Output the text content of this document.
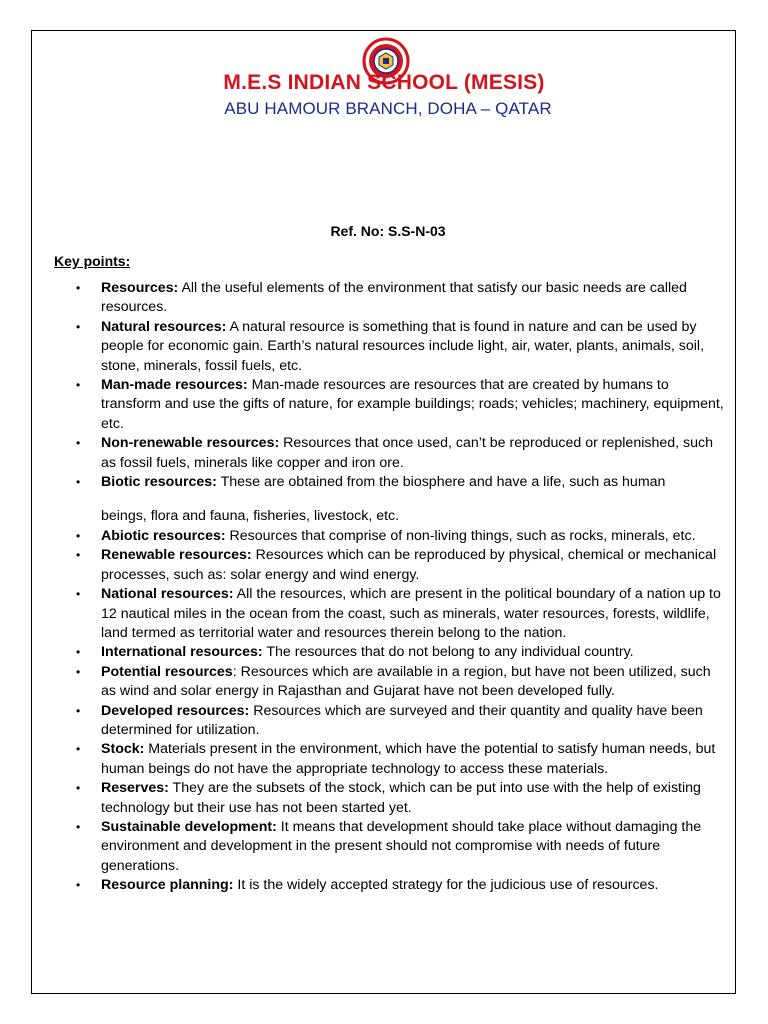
M.E.S INDIAN SCHOOL (MESIS)
ABU HAMOUR BRANCH, DOHA – QATAR
Ref. No: S.S-N-03
Key points:
• Resources: All the useful elements of the environment that satisfy our basic needs are called resources.
• Natural resources: A natural resource is something that is found in nature and can be used by people for economic gain. Earth’s natural resources include light, air, water, plants, animals, soil, stone, minerals, fossil fuels, etc.
• Man-made resources: Man-made resources are resources that are created by humans to transform and use the gifts of nature, for example buildings; roads; vehicles; machinery, equipment, etc.
• Non-renewable resources: Resources that once used, can’t be reproduced or replenished, such as fossil fuels, minerals like copper and iron ore.
• Biotic resources: These are obtained from the biosphere and have a life, such as human
beings, flora and fauna, fisheries, livestock, etc.
• Abiotic resources: Resources that comprise of non-living things, such as rocks, minerals, etc.
• Renewable resources: Resources which can be reproduced by physical, chemical or mechanical processes, such as: solar energy and wind energy.
• National resources: All the resources, which are present in the political boundary of a nation up to 12 nautical miles in the ocean from the coast, such as minerals, water resources, forests, wildlife, land termed as territorial water and resources therein belong to the nation.
• International resources: The resources that do not belong to any individual country.
• Potential resources: Resources which are available in a region, but have not been utilized, such as wind and solar energy in Rajasthan and Gujarat have not been developed fully.
• Developed resources: Resources which are surveyed and their quantity and quality have been determined for utilization.
• Stock: Materials present in the environment, which have the potential to satisfy human needs, but human beings do not have the appropriate technology to access these materials.
• Reserves: They are the subsets of the stock, which can be put into use with the help of existing technology but their use has not been started yet.
• Sustainable development: It means that development should take place without damaging the environment and development in the present should not compromise with needs of future generations.
• Resource planning: It is the widely accepted strategy for the judicious use of resources.
